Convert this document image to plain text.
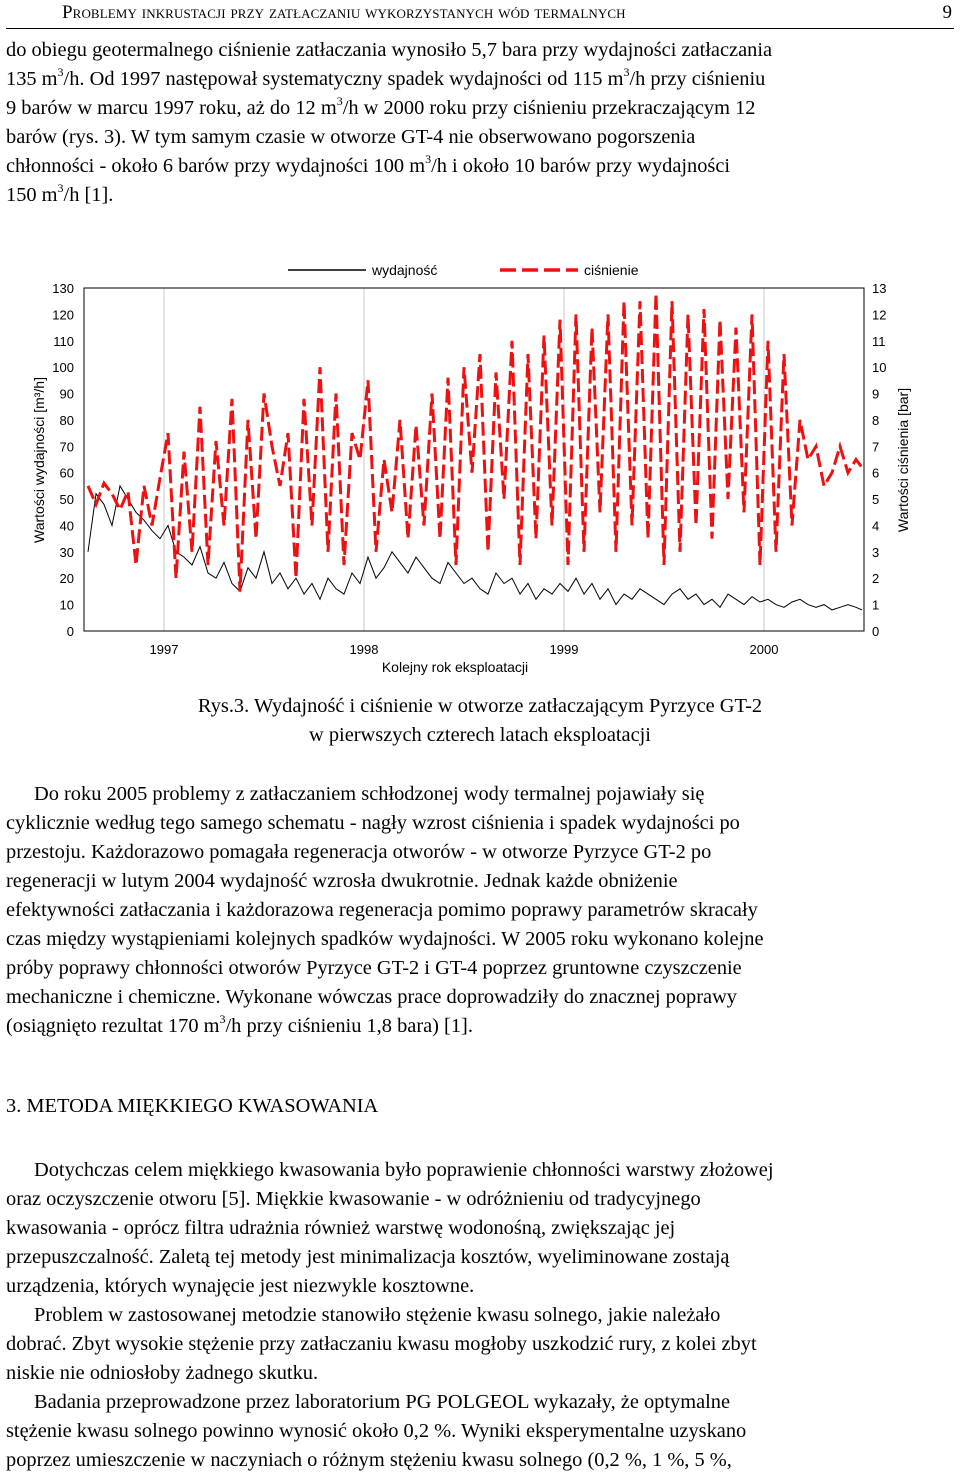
Problemy inkrustacji przy zatłaczaniu wykorzystanych wód termalnych	9
do obiegu geotermalnego ciśnienie zatłaczania wynosiło 5,7 bara przy wydajności zatłaczania
135 $m^3/h$. Od 1997 następował systematyczny spadek wydajności od 115 $m^3/h$ przy ciśnieniu
9 barów w marcu 1997 roku, aż do 12 $m^3/h$ w 2000 roku przy ciśnieniu przekraczającym 12
barów (rys. 3). W tym samym czasie w otworze GT-4 nie obserwowano pogorszenia
chłonności - około 6 barów przy wydajności 100 $m^3/h$ i około 10 barów przy wydajności
150 $m^3/h$ [1].
wydajność	ciśnienie
0
10
20
30
40
50
60
70
80
90
100
110
120
130
0
1
2
3
4
5
6
7
8
9
10
11
12
13
1997	1998	1999	2000
Kolejny rok eksploatacji
Wartości wydajności [m³/h]	Wartości ciśnienia [bar]
Rys.3. Wydajność i ciśnienie w otworze zatłaczającym Pyrzyce GT-2
w pierwszych czterech latach eksploatacji
Do roku 2005 problemy z zatłaczaniem schłodzonej wody termalnej pojawiały się
cyklicznie według tego samego schematu - nagły wzrost ciśnienia i spadek wydajności po
przestoju. Każdorazowo pomagała regeneracja otworów - w otworze Pyrzyce GT-2 po
regeneracji w lutym 2004 wydajność wzrosła dwukrotnie. Jednak każde obniżenie
efektywności zatłaczania i każdorazowa regeneracja pomimo poprawy parametrów skracały
czas między wystąpieniami kolejnych spadków wydajności. W 2005 roku wykonano kolejne
próby poprawy chłonności otworów Pyrzyce GT-2 i GT-4 poprzez gruntowne czyszczenie
mechaniczne i chemiczne. Wykonane wówczas prace doprowadziły do znacznej poprawy
(osiągnięto rezultat 170 $m^3/h$ przy ciśnieniu 1,8 bara) [1].
3. METODA MIĘKKIEGO KWASOWANIA
Dotychczas celem miękkiego kwasowania było poprawienie chłonności warstwy złożowej
oraz oczyszczenie otworu [5]. Miękkie kwasowanie - w odróżnieniu od tradycyjnego
kwasowania - oprócz filtra udrażnia również warstwę wodonośną, zwiększając jej
przepuszczalność. Zaletą tej metody jest minimalizacja kosztów, wyeliminowane zostają
urządzenia, których wynajęcie jest niezwykle kosztowne.
Problem w zastosowanej metodzie stanowiło stężenie kwasu solnego, jakie należało
dobrać. Zbyt wysokie stężenie przy zatłaczaniu kwasu mogłoby uszkodzić rury, z kolei zbyt
niskie nie odniosłoby żadnego skutku.
Badania przeprowadzone przez laboratorium PG POLGEOL wykazały, że optymalne
stężenie kwasu solnego powinno wynosić około 0,2 %. Wyniki eksperymentalne uzyskano
poprzez umieszczenie w naczyniach o różnym stężeniu kwasu solnego (0,2 %, 1 %, 5 %,
